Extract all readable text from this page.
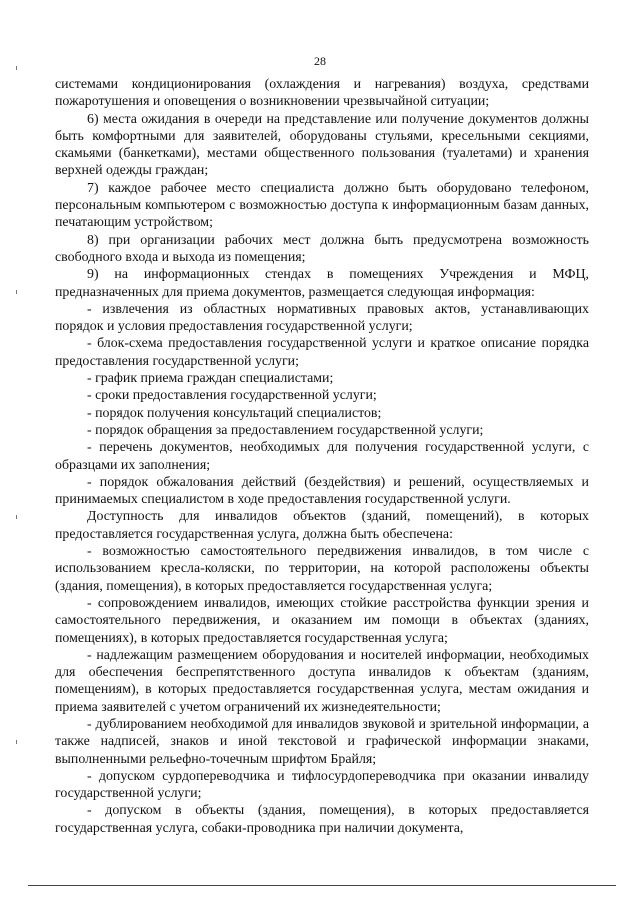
28

системами кондиционирования (охлаждения и нагревания) воздуха, средствами пожаротушения и оповещения о возникновении чрезвычайной ситуации;

6) места ожидания в очереди на представление или получение документов должны быть комфортными для заявителей, оборудованы стульями, кресельными секциями, скамьями (банкетками), местами общественного пользования (туалетами) и хранения верхней одежды граждан;

7) каждое рабочее место специалиста должно быть оборудовано телефоном, персональным компьютером с возможностью доступа к информационным базам данных, печатающим устройством;

8) при организации рабочих мест должна быть предусмотрена возможность свободного входа и выхода из помещения;

9) на информационных стендах в помещениях Учреждения и МФЦ, предназначенных для приема документов, размещается следующая информация:

- извлечения из областных нормативных правовых актов, устанавливающих порядок и условия предоставления государственной услуги;

- блок-схема предоставления государственной услуги и краткое описание порядка предоставления государственной услуги;

- график приема граждан специалистами;

- сроки предоставления государственной услуги;

- порядок получения консультаций специалистов;

- порядок обращения за предоставлением государственной услуги;

- перечень документов, необходимых для получения государственной услуги, с образцами их заполнения;

- порядок обжалования действий (бездействия) и решений, осуществляемых и принимаемых специалистом в ходе предоставления государственной услуги.

Доступность для инвалидов объектов (зданий, помещений), в которых предоставляется государственная услуга, должна быть обеспечена:

- возможностью самостоятельного передвижения инвалидов, в том числе с использованием кресла-коляски, по территории, на которой расположены объекты (здания, помещения), в которых предоставляется государственная услуга;

- сопровождением инвалидов, имеющих стойкие расстройства функции зрения и самостоятельного передвижения, и оказанием им помощи в объектах (зданиях, помещениях), в которых предоставляется государственная услуга;

- надлежащим размещением оборудования и носителей информации, необходимых для обеспечения беспрепятственного доступа инвалидов к объектам (зданиям, помещениям), в которых предоставляется государственная услуга, местам ожидания и приема заявителей с учетом ограничений их жизнедеятельности;

- дублированием необходимой для инвалидов звуковой и зрительной информации, а также надписей, знаков и иной текстовой и графической информации знаками, выполненными рельефно-точечным шрифтом Брайля;

- допуском сурдопереводчика и тифлосурдопереводчика при оказании инвалиду государственной услуги;

- допуском в объекты (здания, помещения), в которых предоставляется государственная услуга, собаки-проводника при наличии документа,
